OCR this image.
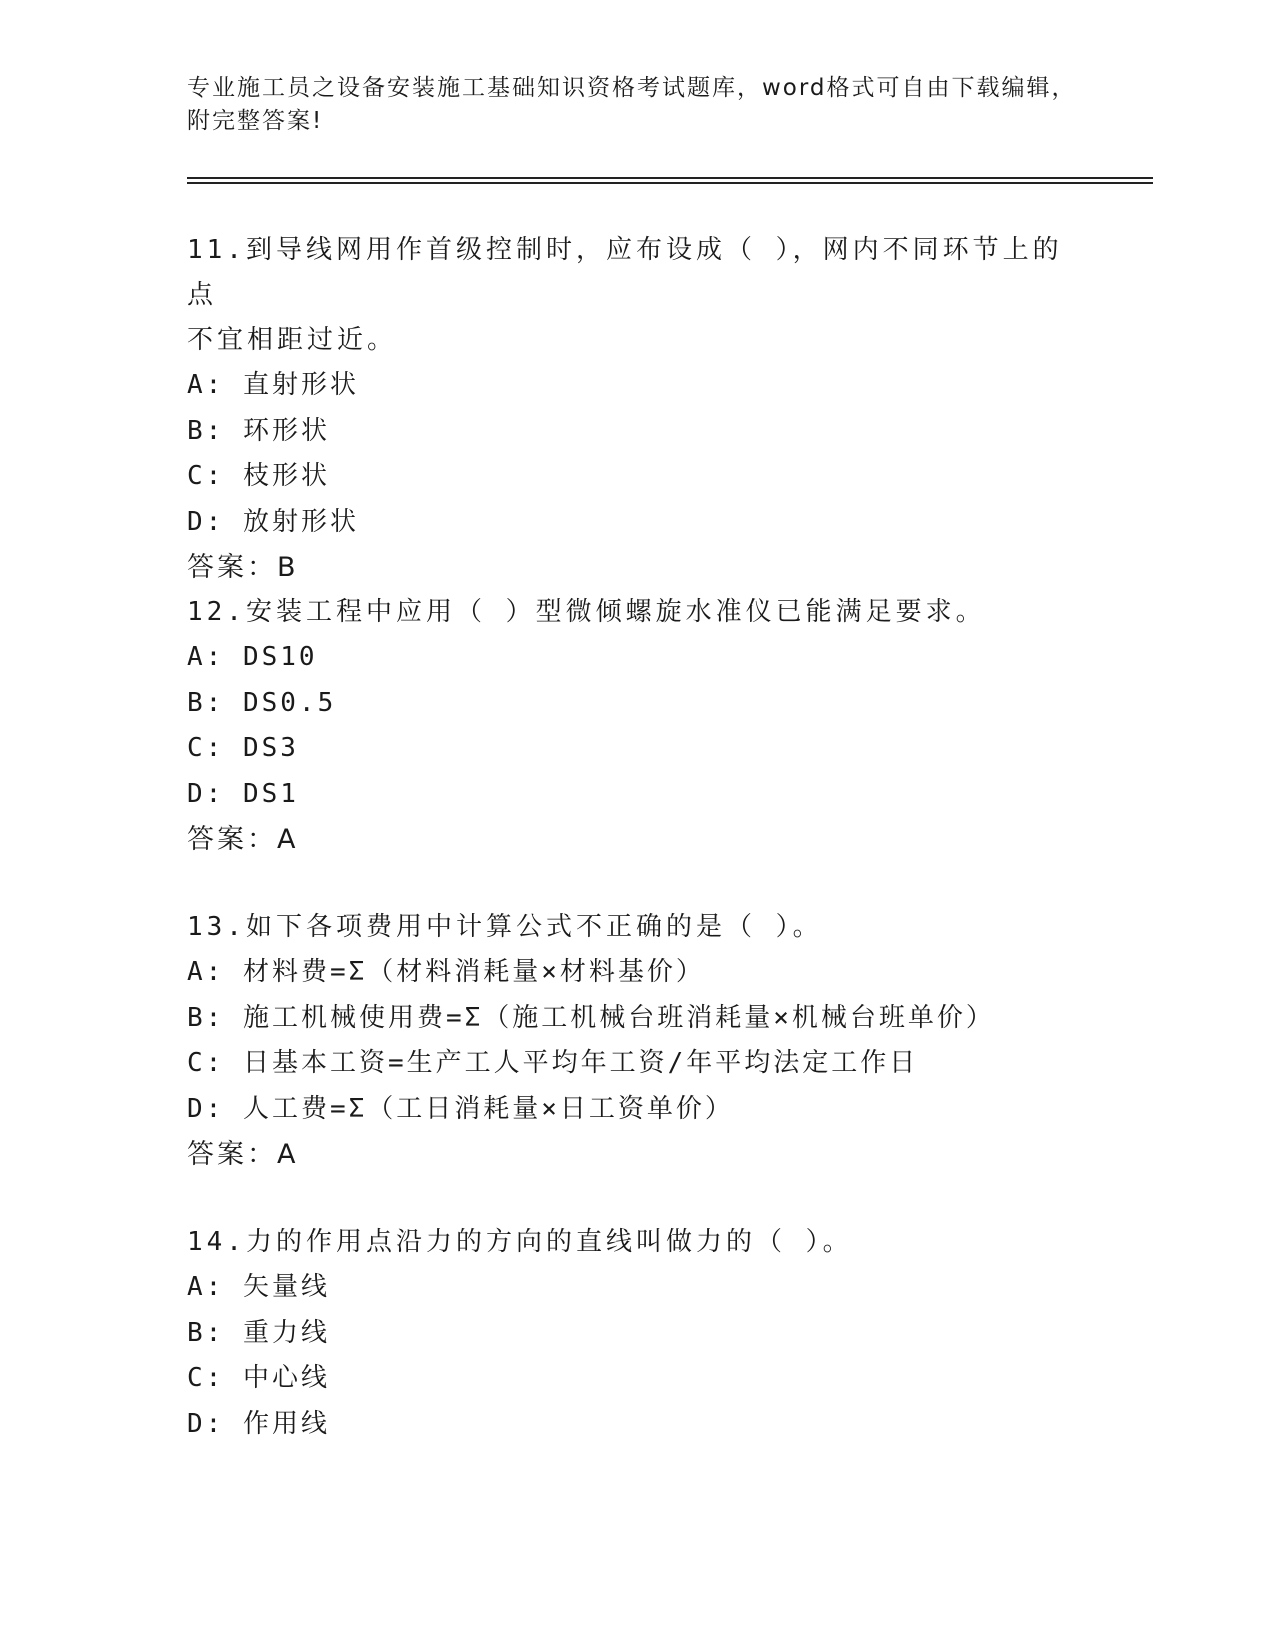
专业施工员之设备安装施工基础知识资格考试题库，word格式可自由下载编辑，
附完整答案!

11.到导线网用作首级控制时，应布设成（ ），网内不同环节上的点

不宜相距过近。

A: 直射形状

B: 环形状

C: 枝形状

D: 放射形状

答案：B

12.安装工程中应用（ ）型微倾螺旋水准仪已能满足要求。

A: DS10

B: DS0.5

C: DS3

D: DS1

答案：A

13.如下各项费用中计算公式不正确的是（ ）。

A: 材料费=Σ（材料消耗量×材料基价）

B: 施工机械使用费=Σ（施工机械台班消耗量×机械台班单价）

C: 日基本工资=生产工人平均年工资/年平均法定工作日

D: 人工费=Σ（工日消耗量×日工资单价）

答案：A

14.力的作用点沿力的方向的直线叫做力的（ ）。

A: 矢量线

B: 重力线

C: 中心线

D: 作用线
